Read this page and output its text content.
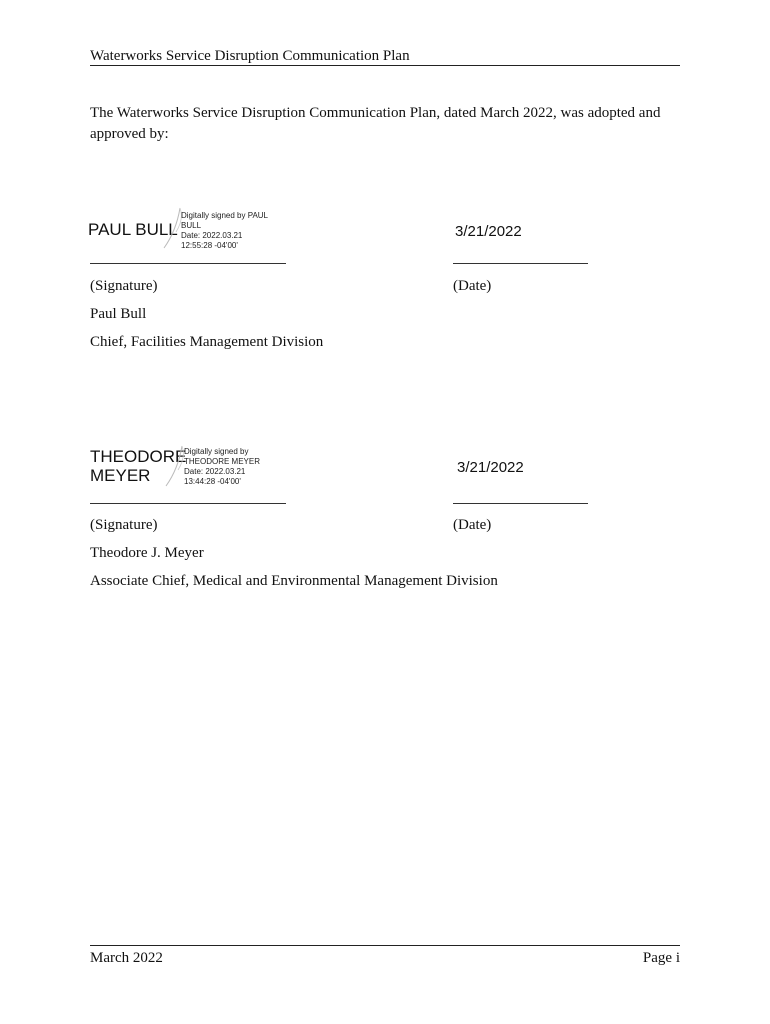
Waterworks Service Disruption Communication Plan
The Waterworks Service Disruption Communication Plan, dated March 2022, was adopted and approved by:
PAUL BULL
Digitally signed by PAUL BULL
Date: 2022.03.21
12:55:28 -04'00'
3/21/2022
(Signature)	(Date)
Paul Bull
Chief, Facilities Management Division
THEODORE
MEYER
Digitally signed by
THEODORE MEYER
Date: 2022.03.21
13:44:28 -04'00'
3/21/2022
(Signature)	(Date)
Theodore J. Meyer
Associate Chief, Medical and Environmental Management Division
March 2022	Page i
